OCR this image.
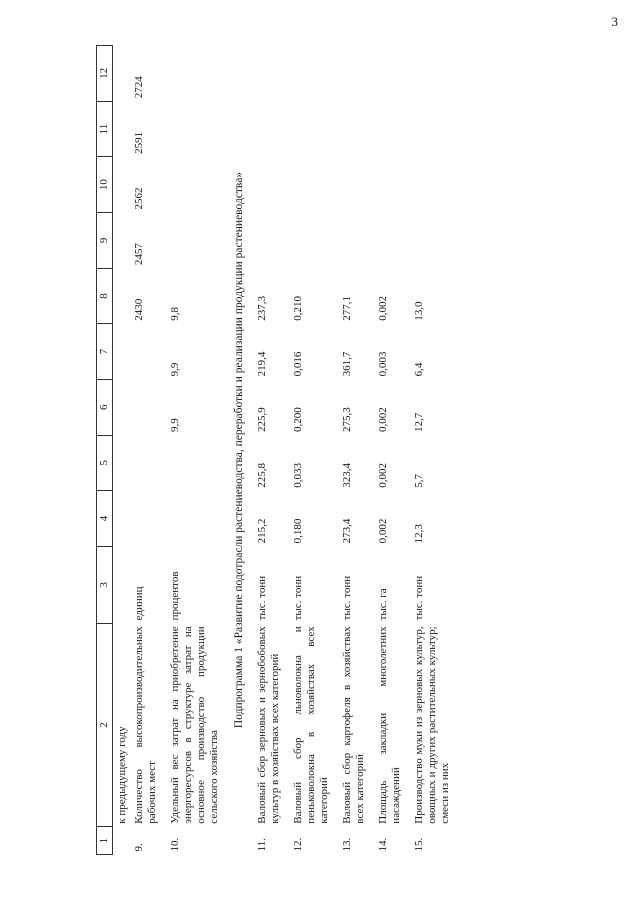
3
1	2	3	4	5	6	7	8	9	10	11	12
	к предыдущему году										
9.	Количество высокопроизводительных рабочих мест	единиц					2430	2457	2562	2591	2724

10.	Удельный вес затрат на приобретение энергоресурсов в структуре затрат на основное производство продукции сельского хозяйства	процентов			9,9	9,9	9,8				
Подпрограмма 1 «Развитие подотрасли растениеводства, переработки и реализации продукции растениеводства»											
11.	Валовый сбор зерновых и зернобобовых культур в хозяйствах всех категорий	тыс. тонн	215,2	225,8	225,9	219,4	237,3				

12.	Валовый сбор льноволокна и пеньковолокна в хозяйствах всех категорий	тыс. тонн	0,180	0,033	0,200	0,016	0,210				

13.	Валовый сбор картофеля в хозяйствах всех категорий	тыс. тонн	273,4	323,4	275,3	361,7	277,1				

14.	Площадь закладки многолетних насаждений	тыс. га	0,002	0,002	0,002	0,003	0,002				

15.	Производство муки из зерновых культур, овощных и других растительных культур; смеси из них	тыс. тонн	12,3	5,7	12,7	6,4	13,0				
